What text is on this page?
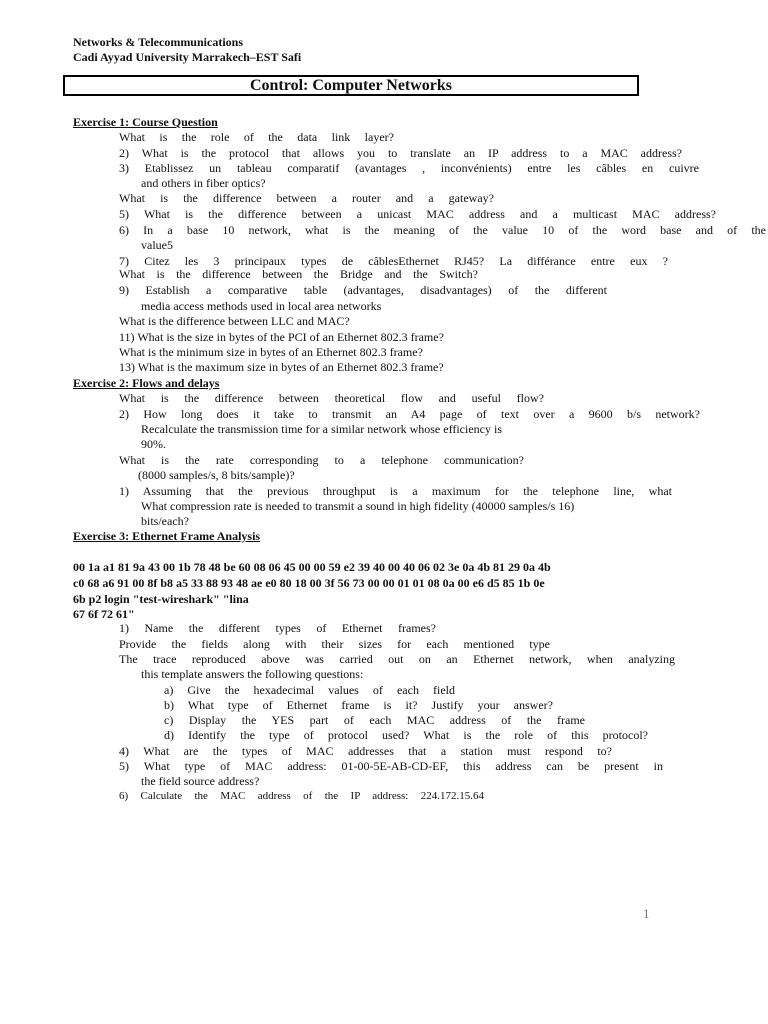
Networks & Telecommunications
Cadi Ayyad University Marrakech–EST Safi
Control: Computer Networks
Exercise 1: Course Question
What is the role of the data link layer?
2) What is the protocol that allows you to translate an IP address to a MAC address?
3) Etablissez un tableau comparatif (avantages , inconvénients) entre les câbles en cuivre
and others in fiber optics?
What is the difference between a router and a gateway?
5) What is the difference between a unicast MAC address and a multicast MAC address?
6) In a base 10 network, what is the meaning of the value 10 of the word base and of the
value5
7) Citez les 3 principaux types de câblesEthernet RJ45? La différance entre eux ?
What is the difference between the Bridge and the Switch?
9) Establish a comparative table (advantages, disadvantages) of the different
media access methods used in local area networks
What is the difference between LLC and MAC?
11) What is the size in bytes of the PCI of an Ethernet 802.3 frame?
What is the minimum size in bytes of an Ethernet 802.3 frame?
13) What is the maximum size in bytes of an Ethernet 802.3 frame?
Exercise 2: Flows and delays
What is the difference between theoretical flow and useful flow?
2) How long does it take to transmit an A4 page of text over a 9600 b/s network?
Recalculate the transmission time for a similar network whose efficiency is
90%.
What is the rate corresponding to a telephone communication?
(8000 samples/s, 8 bits/sample)?
1) Assuming that the previous throughput is a maximum for the telephone line, what
What compression rate is needed to transmit a sound in high fidelity (40000 samples/s 16)
bits/each?
Exercise 3: Ethernet Frame Analysis
00 1a a1 81 9a 43 00 1b 78 48 be 60 08 06 45 00 00 59 e2 39 40 00 40 06 02 3e 0a 4b 81 29 0a 4b
c0 68 a6 91 00 8f b8 a5 33 88 93 48 ae e0 80 18 00 3f 56 73 00 00 01 01 08 0a 00 e6 d5 85 1b 0e
6b p2 login "test-wireshark" "lina
67 6f 72 61"
1) Name the different types of Ethernet frames?
Provide the fields along with their sizes for each mentioned type
The trace reproduced above was carried out on an Ethernet network, when analyzing
this template answers the following questions:
a) Give the hexadecimal values of each field
b) What type of Ethernet frame is it? Justify your answer?
c) Display the YES part of each MAC address of the frame
d) Identify the type of protocol used? What is the role of this protocol?
4) What are the types of MAC addresses that a station must respond to?
5) What type of MAC address: 01-00-5E-AB-CD-EF, this address can be present in
the field source address?
6) Calculate the MAC address of the IP address: 224.172.15.64
1
